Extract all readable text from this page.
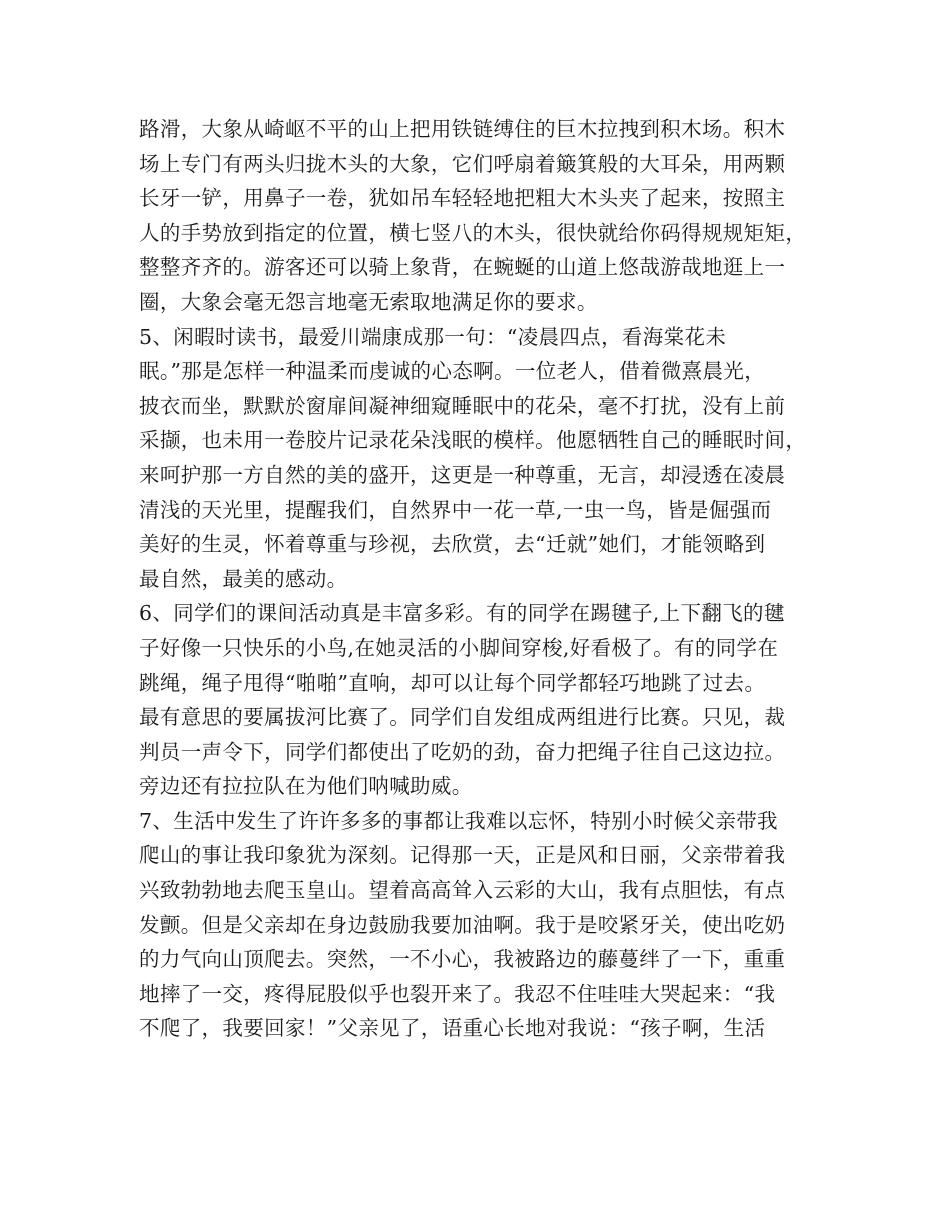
路滑，大象从崎岖不平的山上把用铁链缚住的巨木拉拽到积木场。积木
场上专门有两头归拢木头的大象，它们呼扇着簸箕般的大耳朵，用两颗
长牙一铲，用鼻子一卷，犹如吊车轻轻地把粗大木头夹了起来，按照主
人的手势放到指定的位置，横七竖八的木头，很快就给你码得规规矩矩，
整整齐齐的。游客还可以骑上象背，在蜿蜒的山道上悠哉游哉地逛上一
圈，大象会毫无怨言地毫无索取地满足你的要求。
5、闲暇时读书，最爱川端康成那一句：“凌晨四点，看海棠花未
眠。”那是怎样一种温柔而虔诚的心态啊。一位老人，借着微熹晨光，
披衣而坐，默默於窗扉间凝神细窥睡眠中的花朵，毫不打扰，没有上前
采撷，也未用一卷胶片记录花朵浅眠的模样。他愿牺牲自己的睡眠时间，
来呵护那一方自然的美的盛开，这更是一种尊重，无言，却浸透在凌晨
清浅的天光里，提醒我们，自然界中一花一草,一虫一鸟，皆是倔强而
美好的生灵，怀着尊重与珍视，去欣赏，去“迁就”她们，才能领略到
最自然，最美的感动。
6、同学们的课间活动真是丰富多彩。有的同学在踢毽子,上下翻飞的毽
子好像一只快乐的小鸟,在她灵活的小脚间穿梭,好看极了。有的同学在
跳绳，绳子甩得“啪啪”直响，却可以让每个同学都轻巧地跳了过去。
最有意思的要属拔河比赛了。同学们自发组成两组进行比赛。只见，裁
判员一声令下，同学们都使出了吃奶的劲，奋力把绳子往自己这边拉。
旁边还有拉拉队在为他们呐喊助威。
7、生活中发生了许许多多的事都让我难以忘怀，特别小时候父亲带我
爬山的事让我印象犹为深刻。记得那一天，正是风和日丽，父亲带着我
兴致勃勃地去爬玉皇山。望着高高耸入云彩的大山，我有点胆怯，有点
发颤。但是父亲却在身边鼓励我要加油啊。我于是咬紧牙关，使出吃奶
的力气向山顶爬去。突然，一不小心，我被路边的藤蔓绊了一下，重重
地摔了一交，疼得屁股似乎也裂开来了。我忍不住哇哇大哭起来：“我
不爬了，我要回家！”父亲见了，语重心长地对我说：“孩子啊，生活
